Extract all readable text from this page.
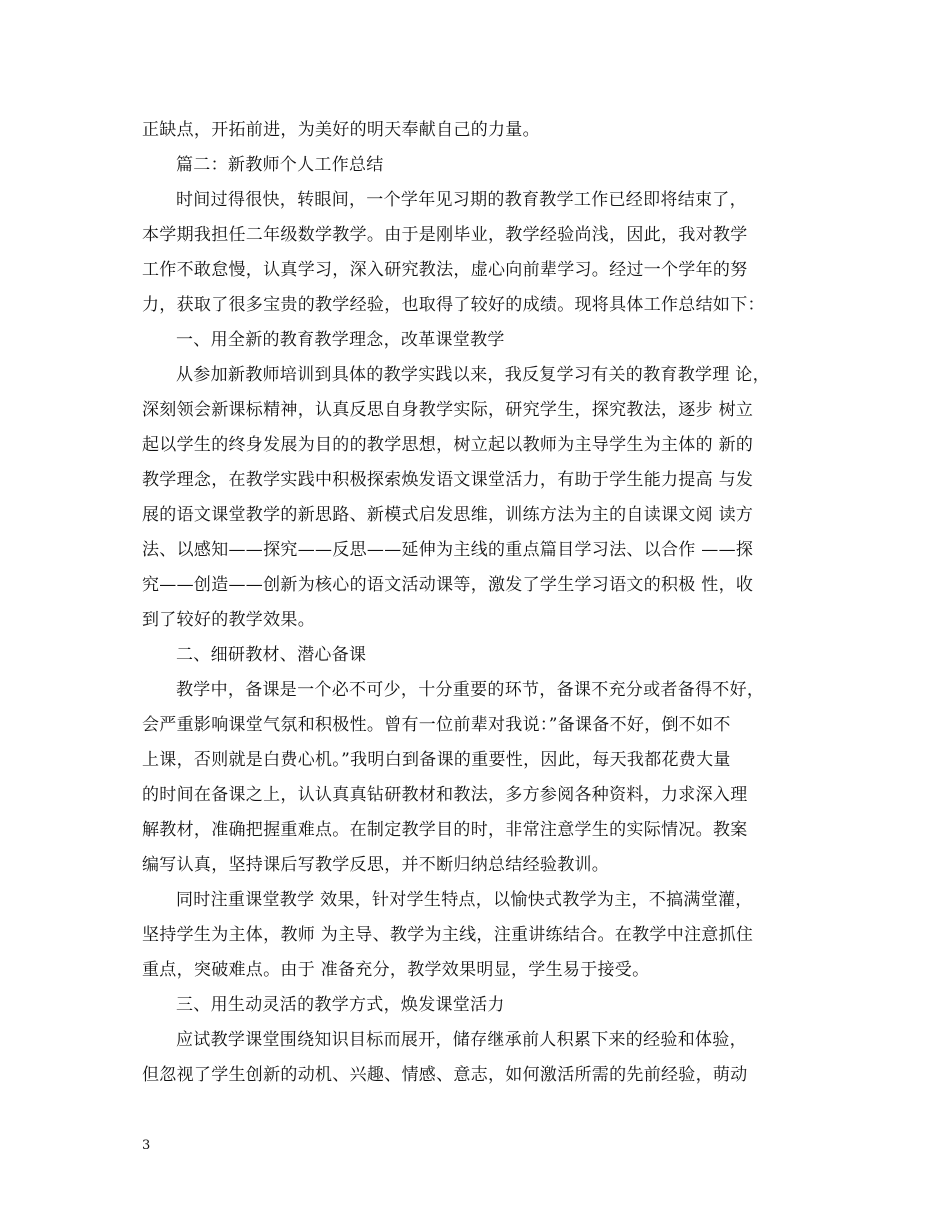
正缺点，开拓前进，为美好的明天奉献自己的力量。
篇二：新教师个人工作总结
时间过得很快，转眼间，一个学年见习期的教育教学工作已经即将结束了，
本学期我担任二年级数学教学。由于是刚毕业，教学经验尚浅，因此，我对教学
工作不敢怠慢，认真学习，深入研究教法，虚心向前辈学习。经过一个学年的努
力，获取了很多宝贵的教学经验，也取得了较好的成绩。现将具体工作总结如下：
一、用全新的教育教学理念，改革课堂教学
从参加新教师培训到具体的教学实践以来，我反复学习有关的教育教学理 论，
深刻领会新课标精神，认真反思自身教学实际，研究学生，探究教法，逐步 树立
起以学生的终身发展为目的的教学思想，树立起以教师为主导学生为主体的 新的
教学理念，在教学实践中积极探索焕发语文课堂活力，有助于学生能力提高 与发
展的语文课堂教学的新思路、新模式启发思维，训练方法为主的自读课文阅 读方
法、以感知——探究——反思——延伸为主线的重点篇目学习法、以合作 ——探
究——创造——创新为核心的语文活动课等，激发了学生学习语文的积极 性，收
到了较好的教学效果。
二、细研教材、潜心备课
教学中，备课是一个必不可少，十分重要的环节，备课不充分或者备得不好，
会严重影响课堂气氛和积极性。曾有一位前辈对我说：”备课备不好，倒不如不
上课，否则就是白费心机。”我明白到备课的重要性，因此，每天我都花费大量
的时间在备课之上，认认真真钻研教材和教法，多方参阅各种资料，力求深入理
解教材，准确把握重难点。在制定教学目的时，非常注意学生的实际情况。教案
编写认真，坚持课后写教学反思，并不断归纳总结经验教训。
同时注重课堂教学 效果，针对学生特点，以愉快式教学为主，不搞满堂灌，
坚持学生为主体，教师 为主导、教学为主线，注重讲练结合。在教学中注意抓住
重点，突破难点。由于 准备充分，教学效果明显，学生易于接受。
三、用生动灵活的教学方式，焕发课堂活力
应试教学课堂围绕知识目标而展开，储存继承前人积累下来的经验和体验，
但忽视了学生创新的动机、兴趣、情感、意志，如何激活所需的先前经验，萌动
3
